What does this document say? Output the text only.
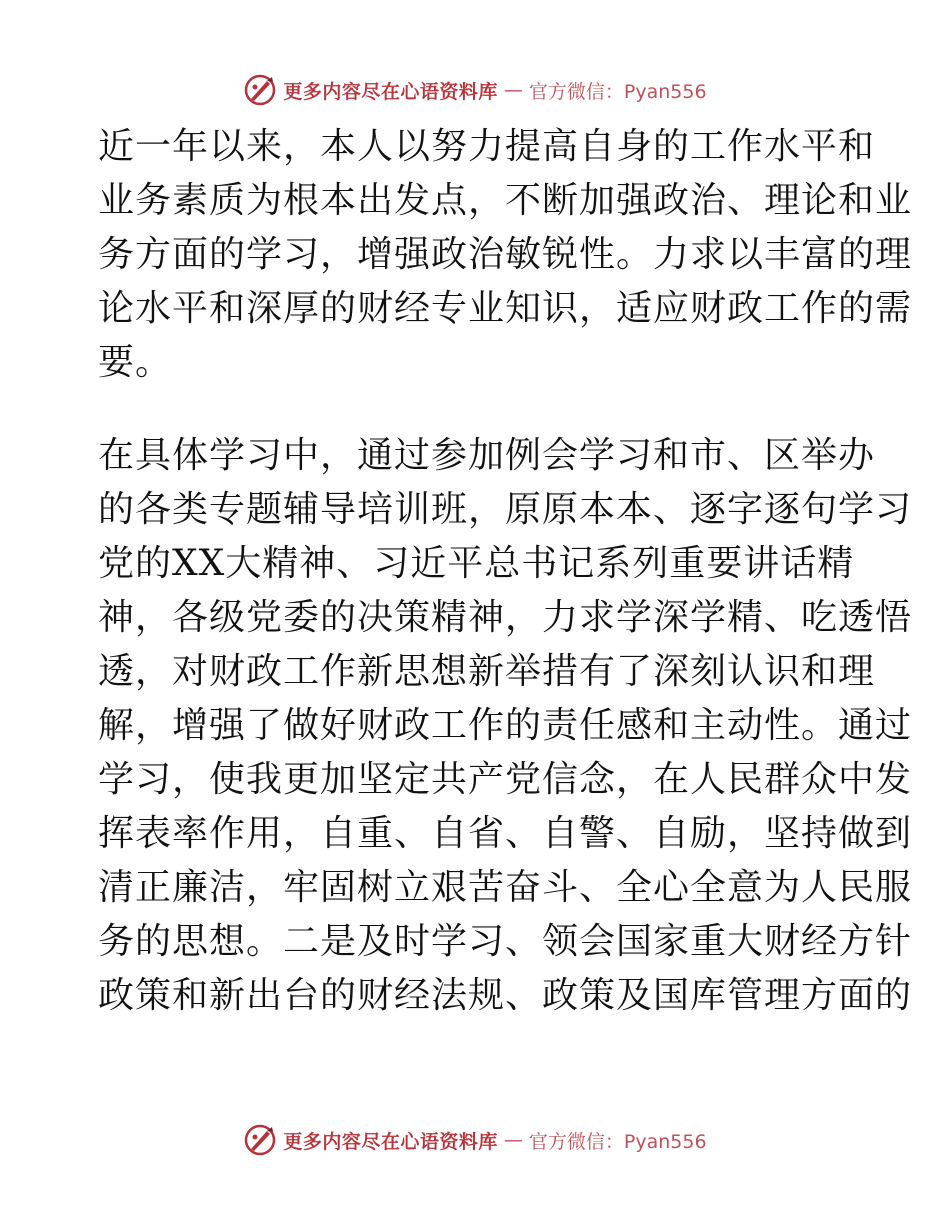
更多内容尽在心语资料库 — 官方微信：Pyan556
近一年以来，本人以努力提高自身的工作水平和
业务素质为根本出发点，不断加强政治、理论和业
务方面的学习，增强政治敏锐性。力求以丰富的理
论水平和深厚的财经专业知识，适应财政工作的需
要。
在具体学习中，通过参加例会学习和市、区举办
的各类专题辅导培训班，原原本本、逐字逐句学习
党的XX大精神、习近平总书记系列重要讲话精
神，各级党委的决策精神，力求学深学精、吃透悟
透，对财政工作新思想新举措有了深刻认识和理
解，增强了做好财政工作的责任感和主动性。通过
学习，使我更加坚定共产党信念，在人民群众中发
挥表率作用，自重、自省、自警、自励，坚持做到
清正廉洁，牢固树立艰苦奋斗、全心全意为人民服
务的思想。二是及时学习、领会国家重大财经方针
政策和新出台的财经法规、政策及国库管理方面的
更多内容尽在心语资料库 — 官方微信：Pyan556
